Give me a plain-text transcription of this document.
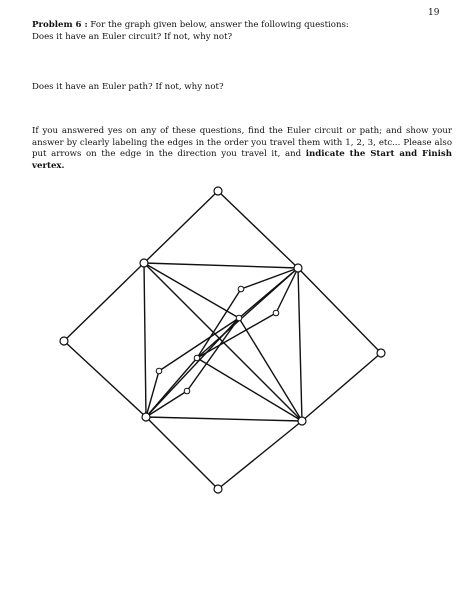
19
Problem 6 : For the graph given below, answer the following questions:
Does it have an Euler circuit? If not, why not?
Does it have an Euler path? If not, why not?
If you answered yes on any of these questions, find the Euler circuit or path; and show your answer by clearly labeling the edges in the order you travel them with 1, 2, 3, etc... Please also put arrows on the edge in the direction you travel it, and indicate the Start and Finish vertex.
